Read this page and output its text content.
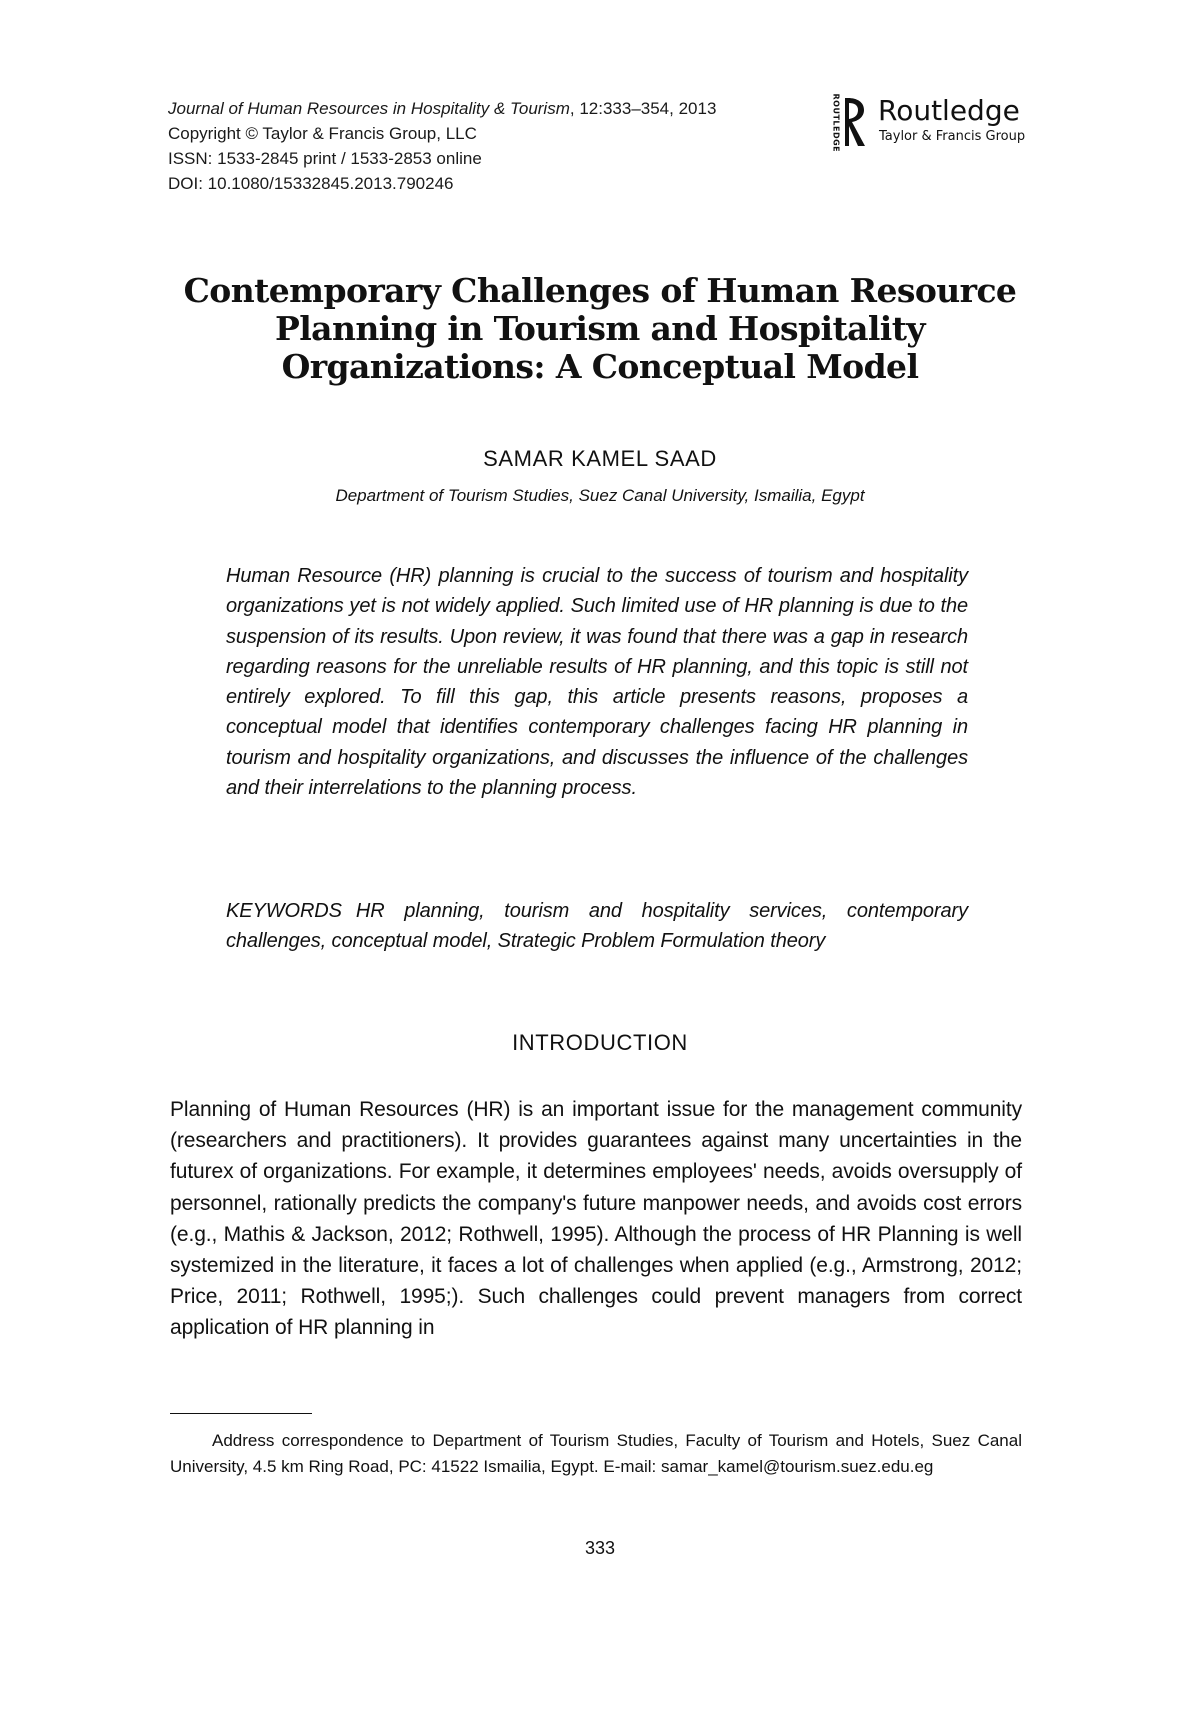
Journal of Human Resources in Hospitality & Tourism, 12:333–354, 2013
Copyright © Taylor & Francis Group, LLC
ISSN: 1533-2845 print / 1533-2853 online
DOI: 10.1080/15332845.2013.790246
ROUTLEDGE Routledge
Taylor & Francis Group
Contemporary Challenges of Human Resource
Planning in Tourism and Hospitality
Organizations: A Conceptual Model
SAMAR KAMEL SAAD
Department of Tourism Studies, Suez Canal University, Ismailia, Egypt

Human Resource (HR) planning is crucial to the success of tourism and hospitality organizations yet is not widely applied. Such limited use of HR planning is due to the suspension of its results. Upon review, it was found that there was a gap in research regarding reasons for the unreliable results of HR planning, and this topic is still not entirely explored. To fill this gap, this article presents reasons, proposes a conceptual model that identifies contemporary challenges facing HR planning in tourism and hospitality organizations, and discusses the influence of the challenges and their interrelations to the planning process.

KEYWORDS HR planning, tourism and hospitality services, contemporary challenges, conceptual model, Strategic Problem Formulation theory

INTRODUCTION

Planning of Human Resources (HR) is an important issue for the management community (researchers and practitioners). It provides guarantees against many uncertainties in the futurex of organizations. For example, it determines employees' needs, avoids oversupply of personnel, rationally predicts the company's future manpower needs, and avoids cost errors (e.g., Mathis & Jackson, 2012; Rothwell, 1995). Although the process of HR Planning is well systemized in the literature, it faces a lot of challenges when applied (e.g., Armstrong, 2012; Price, 2011; Rothwell, 1995;). Such challenges could prevent managers from correct application of HR planning in

Address correspondence to Department of Tourism Studies, Faculty of Tourism and Hotels, Suez Canal University, 4.5 km Ring Road, PC: 41522 Ismailia, Egypt. E-mail: samar_kamel@tourism.suez.edu.eg

333
